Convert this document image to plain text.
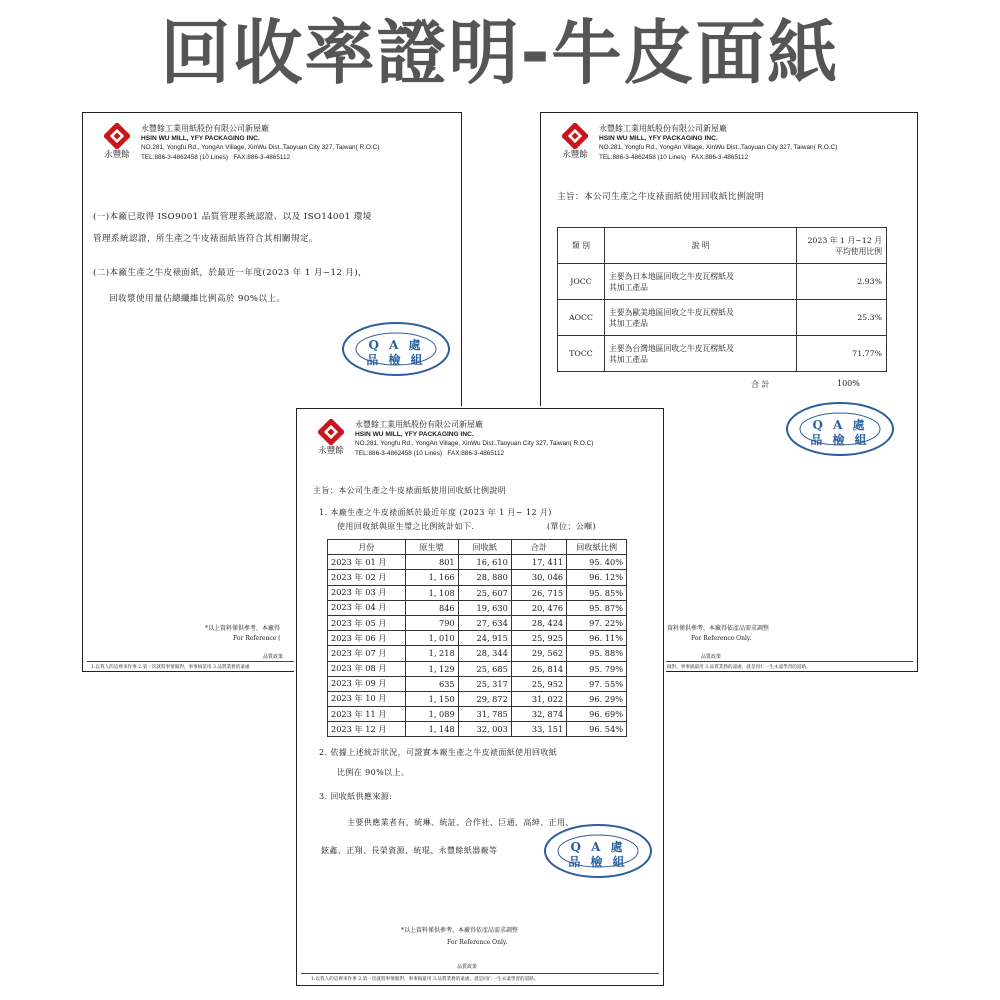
回收率證明-牛皮面紙
永豐餘
永豐餘工業用紙股份有限公司新屋廠
HSIN WU MILL, YFY PACKAGING INC.
NO.281, Yongfu Rd., YongAn Village, XinWu Dist.,Taoyuan City 327, Taiwan( R.O.C)
TEL:886-3-4862458 (10 Lines) FAX:886-3-4865112
(一)本廠已取得 ISO9001 品質管理系統認證、以及 ISO14001 環境
管理系統認證，所生產之牛皮裱面紙皆符合其相關規定。
(二)本廠生產之牛皮裱面紙，於最近一年度(2023 年 1 月~12 月)，
回收漿使用量佔總纖維比例高於 90%以上。
Q A 處
品 檢 組
*以上資料僅供參考，本廠得
For Reference (
品質政策
1.以我人的這裡來作事 2.第一次就將事情做對，事事搞第用 3.品質業務的遠處
永豐餘
永豐餘工業用紙股份有限公司新屋廠
HSIN WU MILL, YFY PACKAGING INC.
NO.281, Yongfu Rd., YongAn Village, XinWu Dist.,Taoyuan City 327, Taiwan( R.O.C)
TEL:886-3-4862458 (10 Lines) FAX:886-3-4865112
主旨：本公司生產之牛皮裱面紙使用回收紙比例說明
類 別	說 明	2023 年 1 月~12 月
平均使用比例

JOCC	主要為日本地區回收之牛皮瓦楞紙及
其加工產品	2.93%
AOCC	主要為歐美地區回收之牛皮瓦楞紙及
其加工產品	25.3%
TOCC	主要為台灣地區回收之牛皮瓦楞紙及
其加工產品	71.77%
合 計	100%
Q A 處
品 檢 組
資料僅供參考，本廠得依產品需求調整
For Reference Only.
品質政策
做對，事事搞最用 3.品質業務的遠處，就是同仁一生永遠學習的道路。
永豐餘
永豐餘工業用紙股份有限公司新屋廠
HSIN WU MILL, YFY PACKAGING INC.
NO.281, Yongfu Rd., YongAn Village, XinWu Dist.,Taoyuan City 327, Taiwan( R.O.C)
TEL:886-3-4862458 (10 Lines) FAX:886-3-4865112
主旨：本公司生產之牛皮裱面紙使用回收紙比例說明
1. 本廠生產之牛皮裱面紙於最近年度 (2023 年 1 月~ 12 月)
使用回收紙與原生漿之比例統計如下.	(單位：公噸)
月份	原生漿	回收紙	合計	回收紙比例
2023 年 01 月	801	16, 610	17, 411	95. 40%
2023 年 02 月	1, 166	28, 880	30, 046	96. 12%
2023 年 03 月	1, 108	25, 607	26, 715	95. 85%
2023 年 04 月	846	19, 630	20, 476	95. 87%
2023 年 05 月	790	27, 634	28, 424	97. 22%
2023 年 06 月	1, 010	24, 915	25, 925	96. 11%
2023 年 07 月	1, 218	28, 344	29, 562	95. 88%
2023 年 08 月	1, 129	25, 685	26, 814	95. 79%
2023 年 09 月	635	25, 317	25, 952	97. 55%
2023 年 10 月	1, 150	29, 872	31, 022	96. 29%
2023 年 11 月	1, 089	31, 785	32, 874	96. 69%
2023 年 12 月	1, 148	32, 003	33, 151	96. 54%
2. 依據上述統計狀況，可證實本廠生產之牛皮裱面紙使用回收紙
比例在 90%以上。
3. 回收紙供應來源:
主要供應業者有，統琳、統証、合作社、巨通、高紳、正用、
鉉鑫、正翔、長榮資源、統琨、永豐餘紙器廠等	Q A 處
品 檢 組
*以上資料僅供參考，本廠得依產品需求調整
For Reference Only.
品質政策
1.以我人的這裡來作事 2.第一次就將事情做對，事事搞最用 3.品質業務的遠處，就是同仁一生永遠學習的道路。
